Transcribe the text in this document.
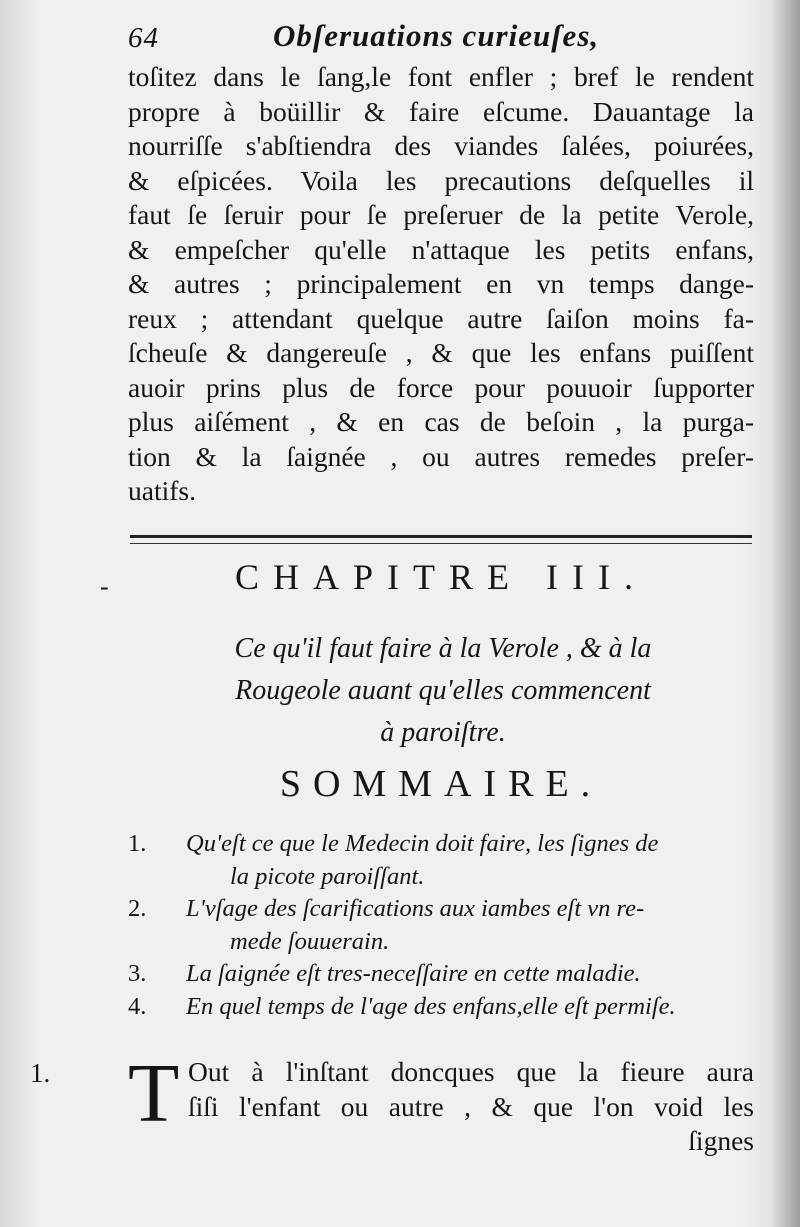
64	Obſeruations curieuſes,
toſitez dans le ſang,le font enfler ; bref le rendent
propre à boüillir & faire eſcume. Dauantage la
nourriſſe s'abſtiendra des viandes ſalées, poiurées,
& eſpicées. Voila les precautions deſquelles il
faut ſe ſeruir pour ſe preſeruer de la petite Verole,
& empeſcher qu'elle n'attaque les petits enfans,
& autres ; principalement en vn temps dange-
reux ; attendant quelque autre ſaiſon moins fa-
ſcheuſe & dangereuſe , & que les enfans puiſſent
auoir prins plus de force pour pouuoir ſupporter
plus aiſément , & en cas de beſoin , la purga-
tion & la ſaignée , ou autres remedes preſer-
uatifs.
-	CHAPITRE III.
Ce qu'il faut faire à la Verole , & à la
Rougeole auant qu'elles commencent
à paroiſtre.
SOMMAIRE.
1. Qu'eſt ce que le Medecin doit faire, les ſignes de
la picote paroiſſant.
2. L'vſage des ſcarifications aux iambes eſt vn re-
mede ſouuerain.
3. La ſaignée eſt tres-neceſſaire en cette maladie.
4. En quel temps de l'age des enfans,elle eſt permiſe.
1. T Out à l'inſtant doncques que la fieure aura
ſiſi l'enfant ou autre , & que l'on void les
ſignes
